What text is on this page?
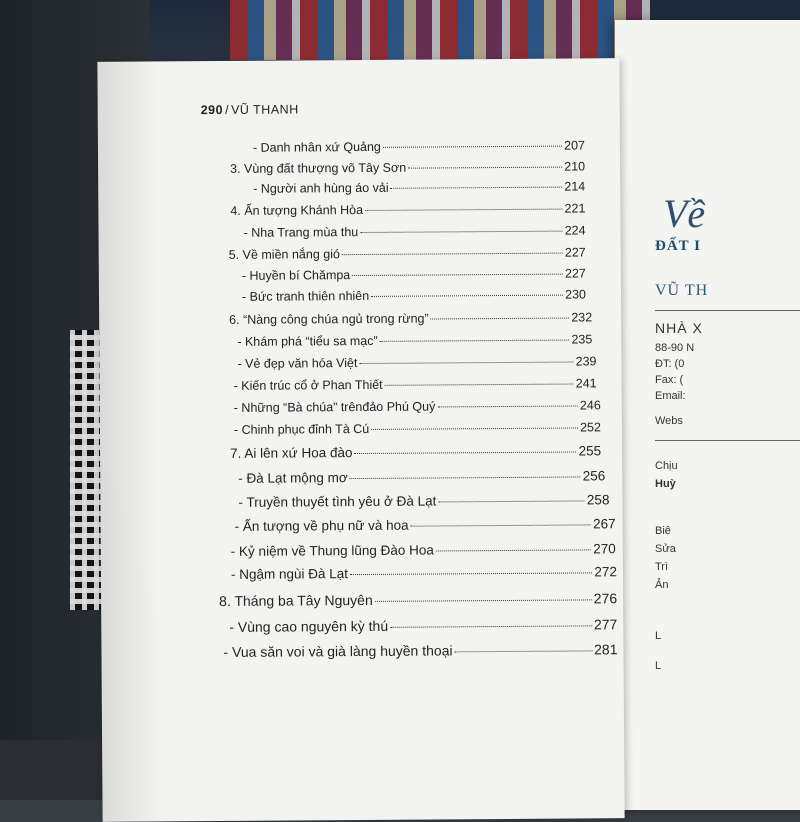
Về
ĐẤT I
VŨ TH
NHÀ X
88-90 N
ĐT: (0
Fax: (
Email:
Webs
Chịu
Huỳ
Biê
Sửa
Trì
Ản
L
L
290 / VŨ THANH
- Danh nhân xứ Quảng	207
3. Vùng đất thượng võ Tây Sơn	210
- Người anh hùng áo vải	214
4. Ấn tượng Khánh Hòa	221
- Nha Trang mùa thu	224
5. Về miền nắng gió	227
- Huyền bí Chămpa	227
- Bức tranh thiên nhiên	230
6. “Nàng công chúa ngủ trong rừng”	232
- Khám phá “tiểu sa mạc”	235
- Vẻ đẹp văn hóa Việt	239
- Kiến trúc cổ ở Phan Thiết	241
- Những “Bà chúa” trênđảo Phú Quý	246
- Chinh phục đỉnh Tà Cú	252
7. Ai lên xứ Hoa đào	255
- Đà Lạt mộng mơ	256
- Truyền thuyết tình yêu ở Đà Lạt	258
- Ấn tượng về phụ nữ và hoa	267
- Kỷ niệm về Thung lũng Đào Hoa	270
- Ngậm ngùi Đà Lạt	272
8. Tháng ba Tây Nguyên	276
- Vùng cao nguyên kỳ thú	277
- Vua săn voi và già làng huyền thoại	281
